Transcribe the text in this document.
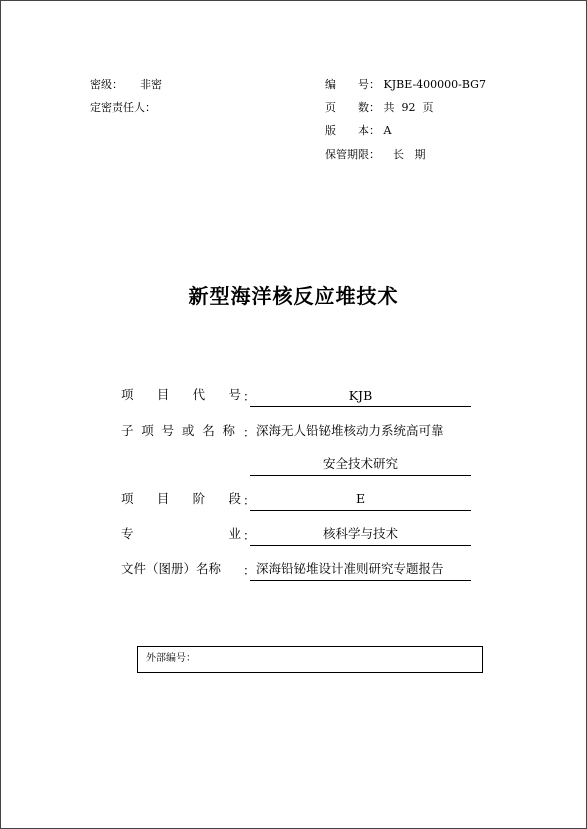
密级： 非密
定密责任人：
编　　号： KJBE-400000-BG7
页　　数： 共  92  页
版　　本： A
保管期限： 长   期
新型海洋核反应堆技术
项 目 代 号 ：	KJB
子 项 号 或 名 称 ： 深海无人铅铋堆核动力系统高可靠
安全技术研究
项 目 阶 段 ：	E
专	业 ：	核科学与技术
文件（图册）名称 ： 深海铅铋堆设计准则研究专题报告
外部编号：
